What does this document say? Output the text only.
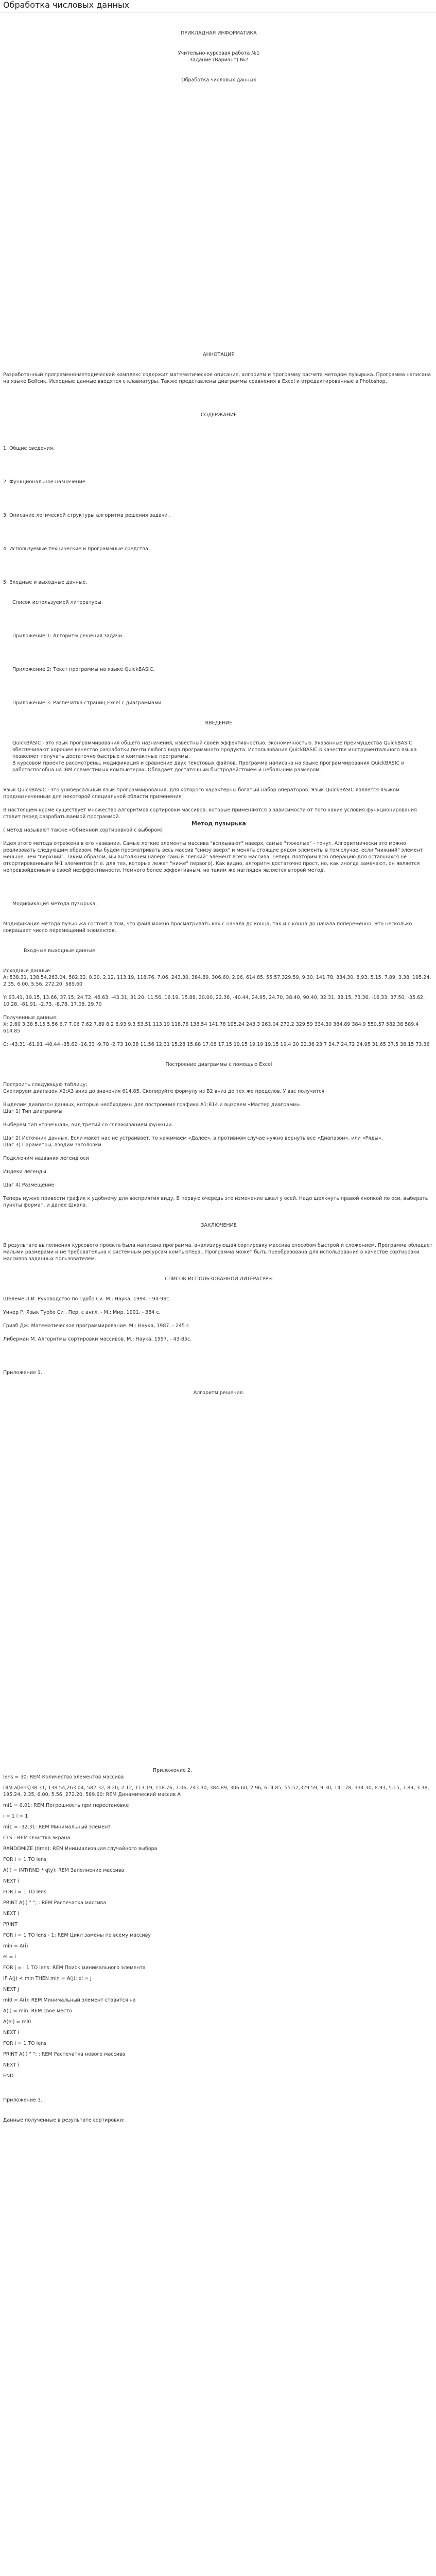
Обработка числовых данных

ПРИКЛАДНАЯ ИНФОРМАТИКА

Учительно-курсовая работа №1

Задание (Вариант) №2

Обработка числовых данных

АННОТАЦИЯ

Разработанный программно-методический комплекс содержит математическое описание, алгоритм и программу расчета методом пузырька. Программа написана на языке Бейсик. Исходные данные вводятся с клавиатуры. Также представлены диаграммы сравнения в Excel и отредактированные в Photoshop.

СОДЕРЖАНИЕ

1. Общие сведения.

2. Функциональное назначение.

3. Описание логической структуры алгоритма решения задачи .

4. Используемые технические и программные средства.

5. Входные и выходные данные.

Список используемой литературы.

Приложение 1: Алгоритм решения задачи.

Приложение 2: Текст программы на языке QuickBASIC.

Приложение 3: Распечатка страниц Excel с диаграммами.

ВВЕДЕНИЕ

QuickBASIC - это язык программирования общего назначения, известный своей эффективностью, экономичностью. Указанные преимущества QuickBASIC обеспечивают хорошее качество разработки почти любого вида программного продукта. Использование QuickBASIC в качестве инструментального языка позволяет получать достаточно быстрые и компактные программы.

В курсовом проекте рассмотрены, модификация и сравнение двух текстовых файлов. Программа написана на языке программирования QuickBASIC и работоспособна на IBM совместимых компьютерах. Обладает достаточным быстродействием и небольшим размером.

Язык QuickBASIC - это универсальный язык программирования, для которого характерны богатый набор операторов. Язык QuickBASIC является языком предназначенным для некоторой специальной области применения

В настоящем кроме существует множество алгоритмов сортировки массивов, которые применяются в зависимости от того какие условия функционирования ставит перед разрабатываемой программой.

Метод пузырька

( метод называют также «Обменной сортировкой с выбором) .

Идея этого метода отражена в его названии. Самые легкие элементы массива "всплывают" наверх, самые "тяжелые" - тонут. Алгоритмически это можно реализовать следующим образом. Мы будем просматривать весь массив "снизу вверх" и менять стоящие рядом элементы в том случае, если "нижний" элемент меньше, чем "верхний". Таким образом, мы вытолкнем наверх самый "легкий" элемент всего массива. Теперь повторим всю операцию для оставшихся не отсортированными N-1 элементов (т.е. для тех, которые лежат "ниже" первого). Как видно, алгоритм достаточно прост, но, как иногда замечают, он является непревзойденным в своей неэффективности. Немного более эффективным, но таким же нагляден является второй метод.

Модификация метода пузырька.

Модификация метода пузырька состоит в том, что файл можно просматривать как с начала до конца, так и с конца до начала попеременно. Это несколько сокращает число перемещений элементов.

Входные выходные данные.

Исходные данные:

A: 538.31, 138.54,263.04, 582.32, 8.20, 2.12, 113.19, 118.76, 7.06, 243.30, 384.89, 306.60, 2.96, 614.85, 55.57,329.59, 9.30, 141.78, 334.30, 8.93, 5.15, 7.89, 3.38, 195.24, 2.35, 6.00, 5.56, 272.20, 589.60

Y: 93.41, 19.15, 13.66, 37.15, 24.72, 46.63, -43.31, 31.20, 11.56, 16.19, 15.88, 20.00, 22.36, -40.44, 24.95, 24.70, 38.40, 90.40, 32.31, 38.15, 73.36, -16.33, 37.50, -35.62, 10.28, -81.91, -2.73, -8.78, 17.08, 29.70

Полученные данные:

X: 2.60 3.38 5.15 5.56 6.7 7.06 7.62 7.89 8.2 8.93 9.3 53.51 113.19 118.76 138.54 141.78 195.24 243.3 263.04 272.2 329.59 334.30 384.89 384.9 550.57 582.38 589.4 614.85

C: -43.31 -61.91 -40.44 -35.62 -16.33 -9.78 -2.73 10.28 11.56 12.31 15.28 15.88 17.08 17.15 19.15 19.19 19.15 19.4 20 22.36 23.7 24.7 24.72 24.95 31.65 37.5 38.15 73.36

Построение диаграммы с помощью Excel

Построить следующую таблицу:

Скопируем диапазон X2:A3 вниз до значения 614,85. Скопируйте формулу из B2 вниз до тех же пределов. У вас получится

Выделим диапазон данных, которые необходимы для построения графика A1:B14 и вызовем «Мастер диаграмм».

Шаг 1) Тип диаграммы

Выберем тип «точечная», вид третий со сглаживанием функции.

Шаг 2) Источник данных. Если макет нас не устраивает, то нажимаем «Далее», в противном случае нужно вернуть все «Диапазон», или «Ряды».

Шаг 3) Параметры, вводим заголовки

Подключим названия легенд оси

Индеки легенды

Шаг 4) Размещение

Теперь нужно привести график к удобному для восприятия виду. В первую очередь это изменение шкал у осей. Надо щелкнуть правой кнопкой по оси, выберать пункты формат, и далее Шкала.

ЗАКЛЮЧЕНИЕ

В результате выполнения курсового проекта была написана программа, анализирующая сортировку массива способом быстрой и сложением. Программа обладает малыми размерами и не требовательна к системным ресурсам компьютера.. Программа может быть преобразована для использования в качестве сортировки массивов заданных пользователем.

СПИСОК ИСПОЛЬЗОВАННОЙ ЛИТЕРАТУРЫ

Шелеме Л.И. Руководство по Турбо Си. М.: Наука, 1994. - 94-98с.

Уинер Р. Язык Турбо Си . Пер. с англ. - М.: Мир, 1991. - 384 с.

Гривб Дж. Математическое программирование. М.: Наука, 1987. - 245 с.

Либерман М. Алгоритмы сортировки массивов. М.: Наука, 1997. - 43-85с.

Приложение 1.

Алгоритм решения.

Приложение 2.

lens = 30: REM Количество элементов массива

DIM a(lens)38.31, 138.54,263.04, 582.32, 8.20, 2.12, 113.19, 118.76, 7.06, 243.30, 384.89, 306.60, 2.96, 614.85, 55.57,329.59, 9.30, 141.78, 334.30, 8.93, 5.15, 7.89, 3.38, 195.24, 2.35, 6.00, 5.56, 272.20, 589.60: REM Динамический массив А

mi1 = 0.01: REM Погрешность при перестановке

i = 1 l = 1

mi1 = -32,31: REM Минимальный элемент

CLS : REM Очистка экрана

RANDOMIZE (time): REM Инициализация случайного выбора

FOR i = 1 TO lens

A(i) = INT(RND * qty): REM Заполнение массива

NEXT i

FOR i = 1 TO lens

PRINT A(i) " "; : REM Распечатка массива

NEXT i

PRINT

FOR i = 1 TO lens - 1: REM Цикл замены по всему массиву

min = A(i)

el = i

FOR j = i 1 TO lens: REM Поиск минимального элемента

IF A(j) < min THEN min = A(j): el = j

NEXT j

mi0 = A(i): REM Минимальный элемент ставится на

A(i) = min: REM свое место

A(el) = mi0

NEXT i

FOR i = 1 TO lens

PRINT A(i) " "; : REM Распечатка нового массива

NEXT i

END

Приложение 3.

Данные полученные в результате сортировки:
